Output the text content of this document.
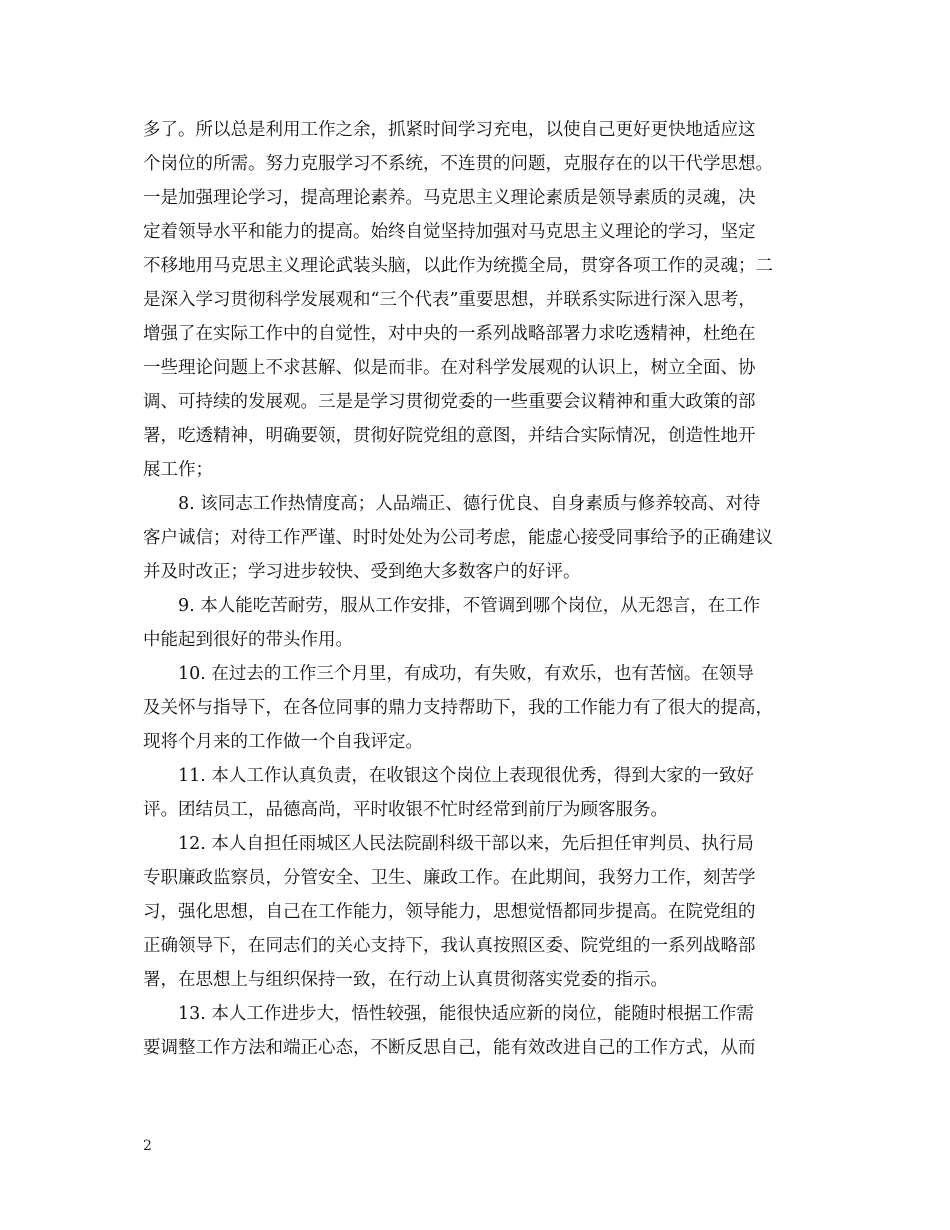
多了。所以总是利用工作之余，抓紧时间学习充电，以使自己更好更快地适应这
个岗位的所需。努力克服学习不系统，不连贯的问题，克服存在的以干代学思想。
一是加强理论学习，提高理论素养。马克思主义理论素质是领导素质的灵魂，决
定着领导水平和能力的提高。始终自觉坚持加强对马克思主义理论的学习，坚定
不移地用马克思主义理论武装头脑，以此作为统揽全局，贯穿各项工作的灵魂；二
是深入学习贯彻科学发展观和“三个代表”重要思想，并联系实际进行深入思考，
增强了在实际工作中的自觉性，对中央的一系列战略部署力求吃透精神，杜绝在
一些理论问题上不求甚解、似是而非。在对科学发展观的认识上，树立全面、协
调、可持续的发展观。三是是学习贯彻党委的一些重要会议精神和重大政策的部
署，吃透精神，明确要领，贯彻好院党组的意图，并结合实际情况，创造性地开
展工作；

8. 该同志工作热情度高；人品端正、德行优良、自身素质与修养较高、对待
客户诚信；对待工作严谨、时时处处为公司考虑，能虚心接受同事给予的正确建议
并及时改正；学习进步较快、受到绝大多数客户的好评。

9. 本人能吃苦耐劳，服从工作安排，不管调到哪个岗位，从无怨言，在工作
中能起到很好的带头作用。

10. 在过去的工作三个月里，有成功，有失败，有欢乐，也有苦恼。在领导
及关怀与指导下，在各位同事的鼎力支持帮助下，我的工作能力有了很大的提高，
现将个月来的工作做一个自我评定。

11. 本人工作认真负责，在收银这个岗位上表现很优秀，得到大家的一致好
评。团结员工，品德高尚，平时收银不忙时经常到前厅为顾客服务。

12. 本人自担任雨城区人民法院副科级干部以来，先后担任审判员、执行局
专职廉政监察员，分管安全、卫生、廉政工作。在此期间，我努力工作，刻苦学
习，强化思想，自己在工作能力，领导能力，思想觉悟都同步提高。在院党组的
正确领导下，在同志们的关心支持下，我认真按照区委、院党组的一系列战略部
署，在思想上与组织保持一致，在行动上认真贯彻落实党委的指示。

13. 本人工作进步大，悟性较强，能很快适应新的岗位，能随时根据工作需
要调整工作方法和端正心态，不断反思自己，能有效改进自己的工作方式，从而

2
